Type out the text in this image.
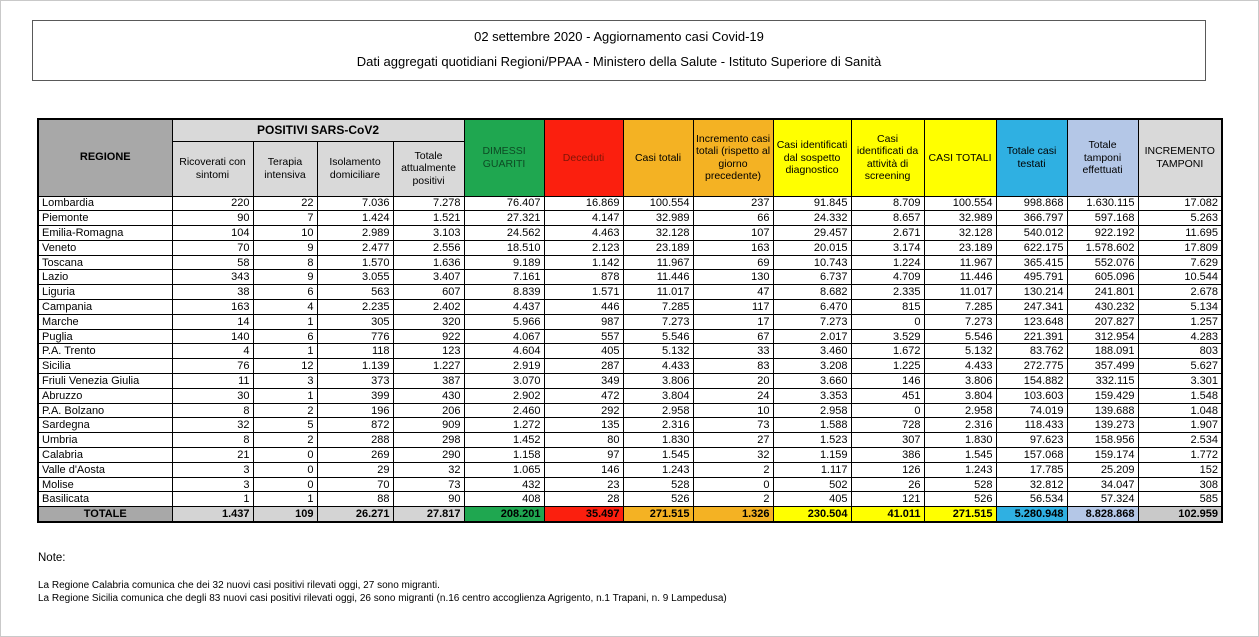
02 settembre 2020 - Aggiornamento casi Covid-19
Dati aggregati quotidiani Regioni/PPAA - Ministero della Salute - Istituto Superiore di Sanità
REGIONE	POSITIVI SARS-CoV2				DIMESSI GUARITI	Deceduti	Casi totali	Incremento casi totali (rispetto al giorno precedente)	Casi identificati dal sospetto diagnostico	Casi identificati da attività di screening	CASI TOTALI	Totale casi testati	Totale tamponi effettuati	INCREMENTO TAMPONI
	Ricoverati con sintomi	Terapia intensiva	Isolamento domiciliare	Totale attualmente positivi										
Lombardia	220	22	7.036	7.278	76.407	16.869	100.554	237	91.845	8.709	100.554	998.868	1.630.115	17.082
Piemonte	90	7	1.424	1.521	27.321	4.147	32.989	66	24.332	8.657	32.989	366.797	597.168	5.263
Emilia-Romagna	104	10	2.989	3.103	24.562	4.463	32.128	107	29.457	2.671	32.128	540.012	922.192	11.695
Veneto	70	9	2.477	2.556	18.510	2.123	23.189	163	20.015	3.174	23.189	622.175	1.578.602	17.809
Toscana	58	8	1.570	1.636	9.189	1.142	11.967	69	10.743	1.224	11.967	365.415	552.076	7.629
Lazio	343	9	3.055	3.407	7.161	878	11.446	130	6.737	4.709	11.446	495.791	605.096	10.544
Liguria	38	6	563	607	8.839	1.571	11.017	47	8.682	2.335	11.017	130.214	241.801	2.678
Campania	163	4	2.235	2.402	4.437	446	7.285	117	6.470	815	7.285	247.341	430.232	5.134
Marche	14	1	305	320	5.966	987	7.273	17	7.273	0	7.273	123.648	207.827	1.257
Puglia	140	6	776	922	4.067	557	5.546	67	2.017	3.529	5.546	221.391	312.954	4.283
P.A. Trento	4	1	118	123	4.604	405	5.132	33	3.460	1.672	5.132	83.762	188.091	803
Sicilia	76	12	1.139	1.227	2.919	287	4.433	83	3.208	1.225	4.433	272.775	357.499	5.627
Friuli Venezia Giulia	11	3	373	387	3.070	349	3.806	20	3.660	146	3.806	154.882	332.115	3.301
Abruzzo	30	1	399	430	2.902	472	3.804	24	3.353	451	3.804	103.603	159.429	1.548
P.A. Bolzano	8	2	196	206	2.460	292	2.958	10	2.958	0	2.958	74.019	139.688	1.048
Sardegna	32	5	872	909	1.272	135	2.316	73	1.588	728	2.316	118.433	139.273	1.907
Umbria	8	2	288	298	1.452	80	1.830	27	1.523	307	1.830	97.623	158.956	2.534
Calabria	21	0	269	290	1.158	97	1.545	32	1.159	386	1.545	157.068	159.174	1.772
Valle d'Aosta	3	0	29	32	1.065	146	1.243	2	1.117	126	1.243	17.785	25.209	152
Molise	3	0	70	73	432	23	528	0	502	26	528	32.812	34.047	308
Basilicata	1	1	88	90	408	28	526	2	405	121	526	56.534	57.324	585
TOTALE	1.437	109	26.271	27.817	208.201	35.497	271.515	1.326	230.504	41.011	271.515	5.280.948	8.828.868	102.959
Note:
La Regione Calabria comunica che dei 32 nuovi casi positivi rilevati oggi, 27 sono migranti.
La Regione Sicilia comunica che degli 83 nuovi casi positivi rilevati oggi, 26 sono migranti (n.16 centro accoglienza Agrigento, n.1 Trapani, n. 9 Lampedusa)
